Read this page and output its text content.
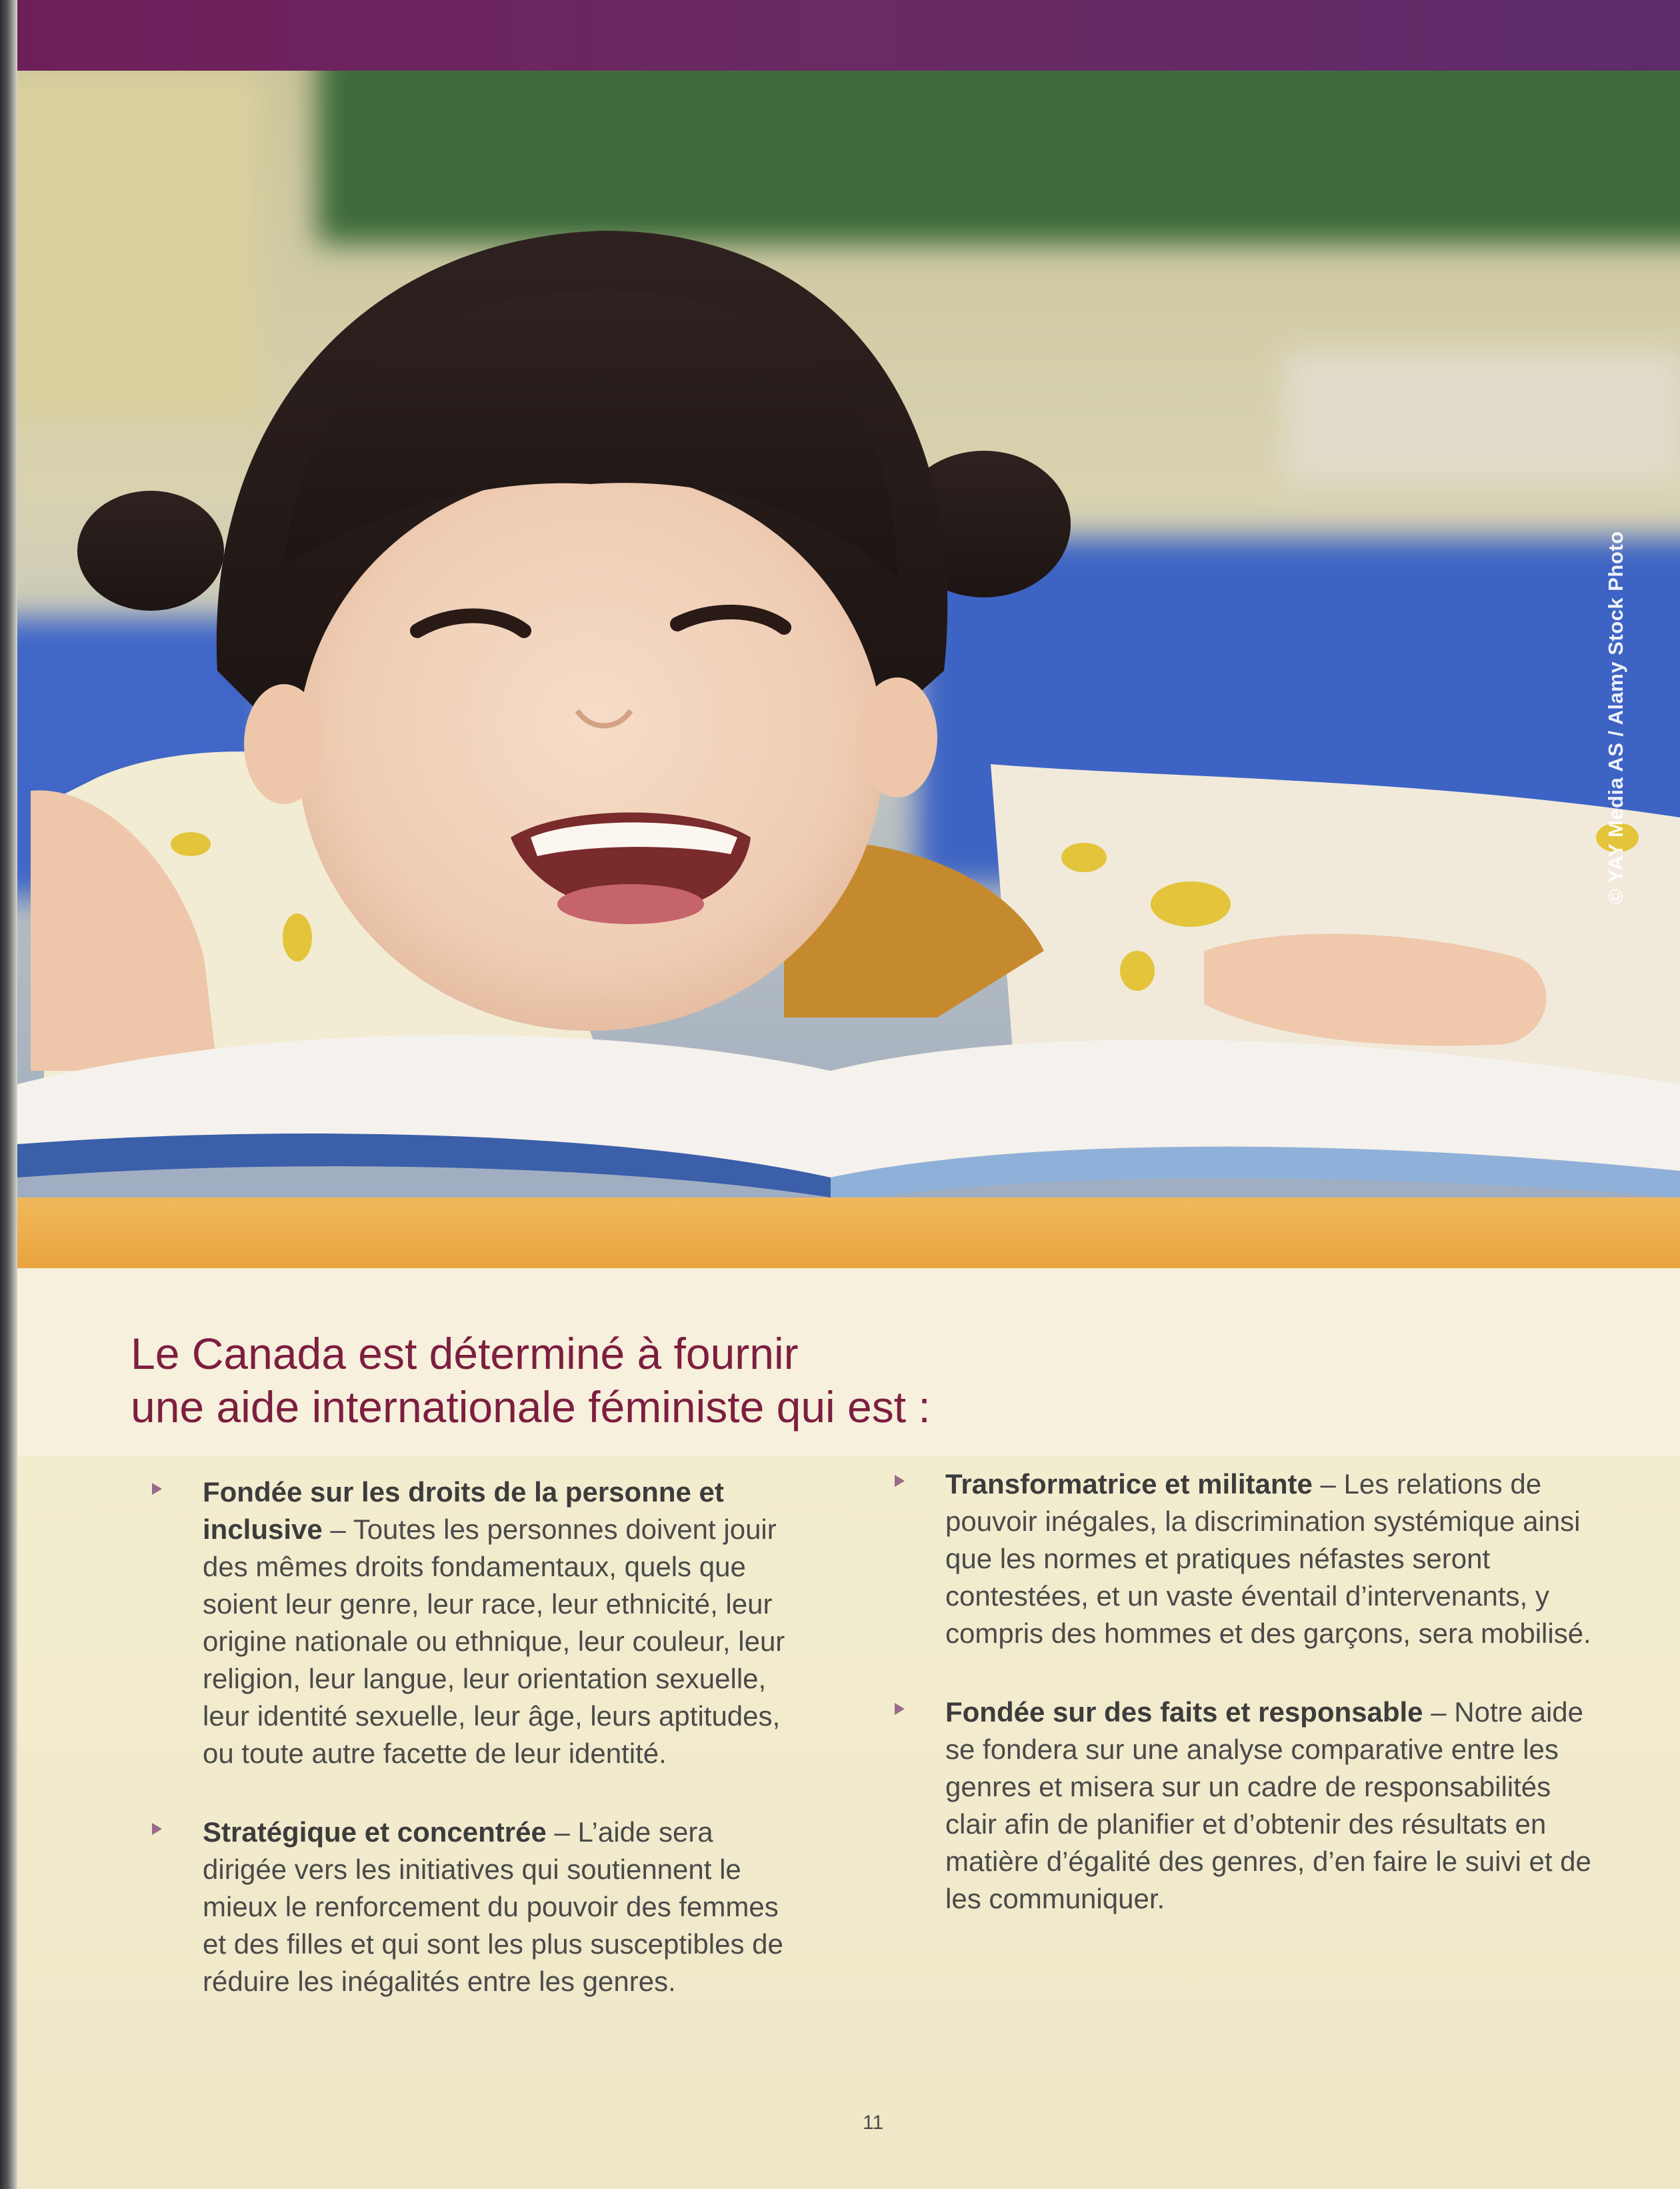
© YAY Media AS / Alamy Stock Photo
Le Canada est déterminé à fournir
une aide internationale féministe qui est :
Fondée sur les droits de la personne et inclusive – Toutes les personnes doivent jouir des mêmes droits fondamentaux, quels que soient leur genre, leur race, leur ethnicité, leur origine nationale ou ethnique, leur couleur, leur religion, leur langue, leur orientation sexuelle, leur identité sexuelle, leur âge, leurs aptitudes, ou toute autre facette de leur identité.
Stratégique et concentrée – L’aide sera dirigée vers les initiatives qui soutiennent le mieux le renforcement du pouvoir des femmes et des filles et qui sont les plus susceptibles de réduire les inégalités entre les genres.
Transformatrice et militante – Les relations de pouvoir inégales, la discrimination systémique ainsi que les normes et pratiques néfastes seront contestées, et un vaste éventail d’intervenants, y compris des hommes et des garçons, sera mobilisé.
Fondée sur des faits et responsable – Notre aide se fondera sur une analyse comparative entre les genres et misera sur un cadre de responsabilités clair afin de planifier et d’obtenir des résultats en matière d’égalité des genres, d’en faire le suivi et de les communiquer.
11
